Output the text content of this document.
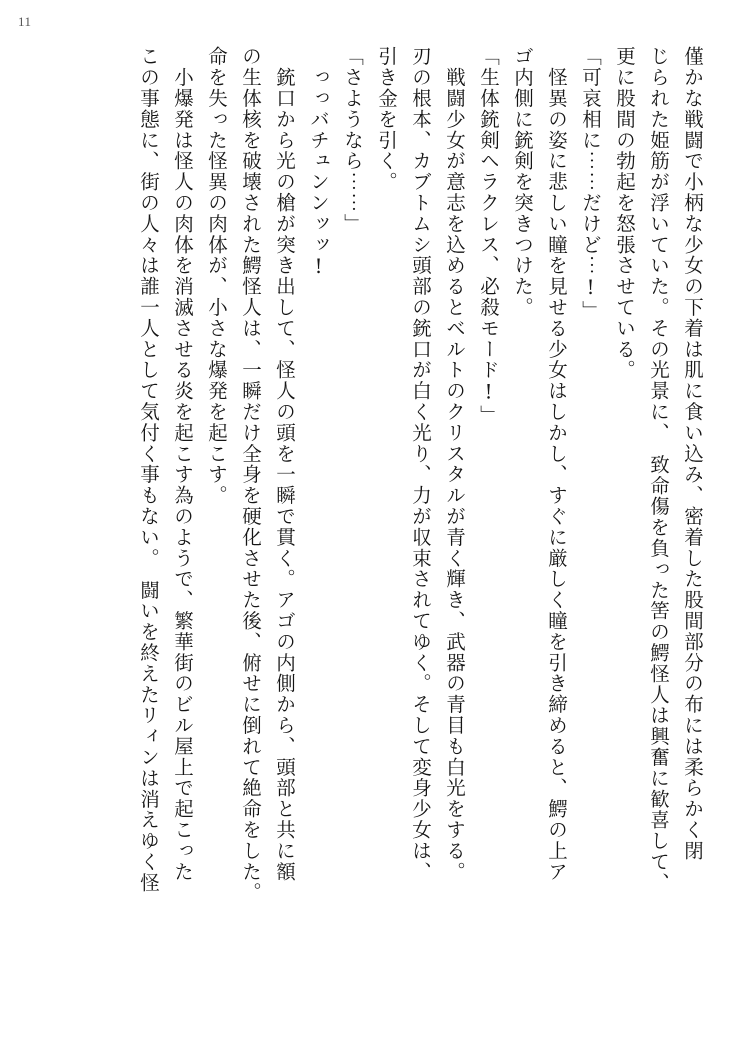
11
僅かな戦闘で小柄な少女の下着は肌に食い込み、密着した股間部分の布には柔らかく閉
じられた姫筋が浮いていた。その光景に、　致命傷を負った筈の鰐怪人は興奮に歓喜して、
更に股間の勃起を怒張させている。
「可哀相に⋯⋯だけど⋯!」
　怪異の姿に悲しい瞳を見せる少女はしかし、すぐに厳しく瞳を引き締めると、鰐の上ア
ゴ内側に銃剣を突きつけた。
「生体銃剣ヘラクレス、必殺モード!」
　戦闘少女が意志を込めるとベルトのクリスタルが青く輝き、武器の青目も白光をする。
刃の根本、カブトムシ頭部の銃口が白く光り、力が収束されてゆく。そして変身少女は、
引き金を引く。
「さようなら⋯⋯」
　っっバチュンンッッ!
　銃口から光の槍が突き出して、怪人の頭を一瞬で貫く。アゴの内側から、頭部と共に額
の生体核を破壊された鰐怪人は、一瞬だけ全身を硬化させた後、俯せに倒れて絶命をした。
命を失った怪異の肉体が、小さな爆発を起こす。
　小爆発は怪人の肉体を消滅させる炎を起こす為のようで、繁華街のビル屋上で起こった
この事態に、街の人々は誰一人として気付く事もない。　闘いを終えたリィンは消えゆく怪
